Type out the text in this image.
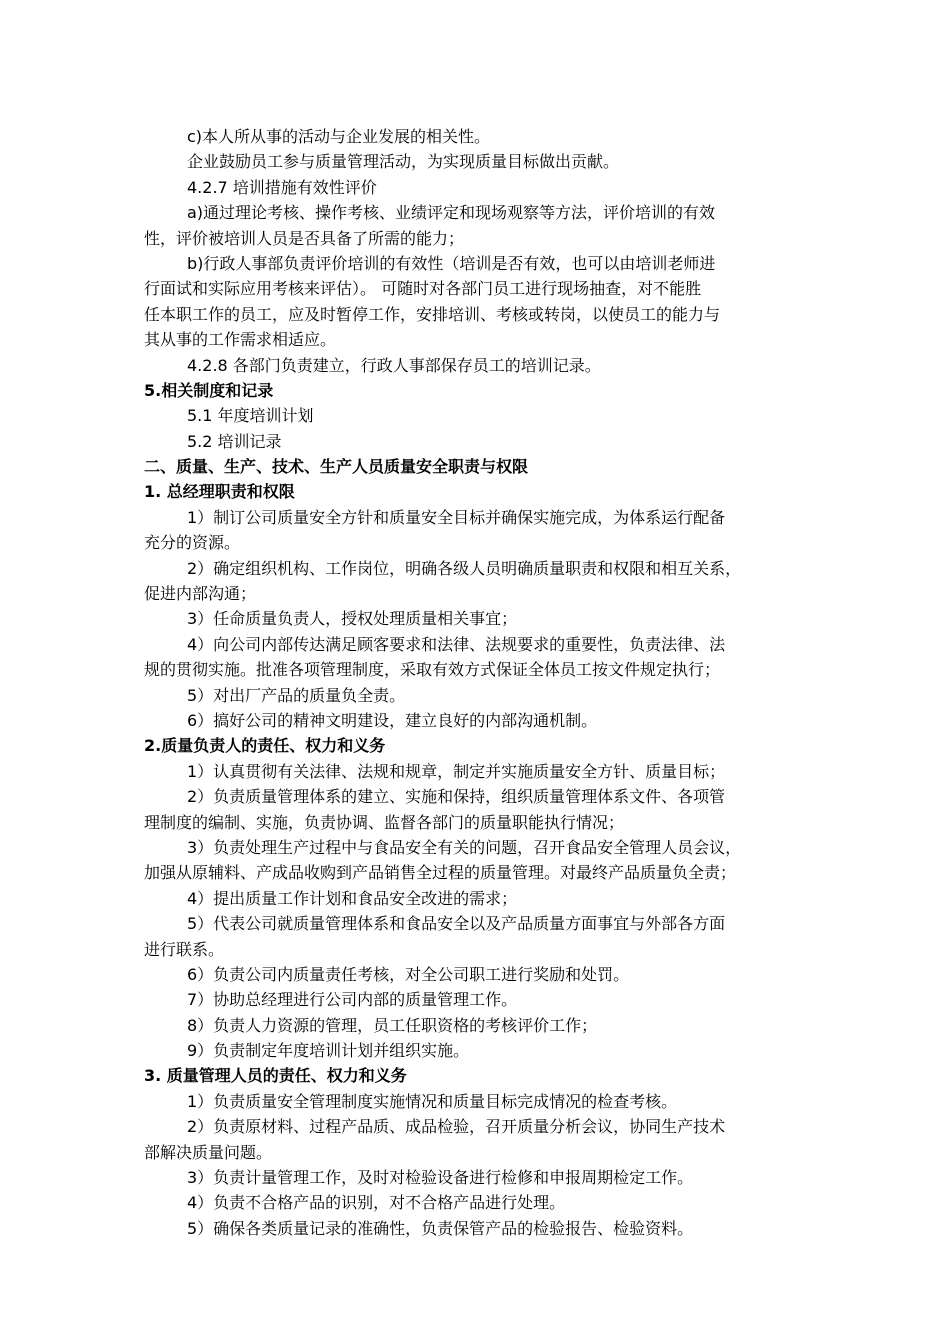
c)本人所从事的活动与企业发展的相关性。
企业鼓励员工参与质量管理活动，为实现质量目标做出贡献。
4.2.7 培训措施有效性评价
a)通过理论考核、操作考核、业绩评定和现场观察等方法，评价培训的有效
性，评价被培训人员是否具备了所需的能力；
b)行政人事部负责评价培训的有效性（培训是否有效，也可以由培训老师进
行面试和实际应用考核来评估）。 可随时对各部门员工进行现场抽查，对不能胜
任本职工作的员工，应及时暂停工作，安排培训、考核或转岗，以使员工的能力与
其从事的工作需求相适应。
4.2.8 各部门负责建立，行政人事部保存员工的培训记录。
5.相关制度和记录
5.1 年度培训计划
5.2 培训记录
二、质量、生产、技术、生产人员质量安全职责与权限
1. 总经理职责和权限
1）制订公司质量安全方针和质量安全目标并确保实施完成，为体系运行配备
充分的资源。
2）确定组织机构、工作岗位，明确各级人员明确质量职责和权限和相互关系，
促进内部沟通；
3）任命质量负责人，授权处理质量相关事宜；
4）向公司内部传达满足顾客要求和法律、法规要求的重要性，负责法律、法
规的贯彻实施。批准各项管理制度，采取有效方式保证全体员工按文件规定执行；
5）对出厂产品的质量负全责。
6）搞好公司的精神文明建设，建立良好的内部沟通机制。
2.质量负责人的责任、权力和义务
1）认真贯彻有关法律、法规和规章，制定并实施质量安全方针、质量目标；
2）负责质量管理体系的建立、实施和保持，组织质量管理体系文件、各项管
理制度的编制、实施，负责协调、监督各部门的质量职能执行情况；
3）负责处理生产过程中与食品安全有关的问题，召开食品安全管理人员会议，
加强从原辅料、产成品收购到产品销售全过程的质量管理。对最终产品质量负全责；
4）提出质量工作计划和食品安全改进的需求；
5）代表公司就质量管理体系和食品安全以及产品质量方面事宜与外部各方面
进行联系。
6）负责公司内质量责任考核，对全公司职工进行奖励和处罚。
7）协助总经理进行公司内部的质量管理工作。
8）负责人力资源的管理，员工任职资格的考核评价工作；
9）负责制定年度培训计划并组织实施。
3. 质量管理人员的责任、权力和义务
1）负责质量安全管理制度实施情况和质量目标完成情况的检查考核。
2）负责原材料、过程产品质、成品检验，召开质量分析会议，协同生产技术
部解决质量问题。
3）负责计量管理工作，及时对检验设备进行检修和申报周期检定工作。
4）负责不合格产品的识别，对不合格产品进行处理。
5）确保各类质量记录的准确性，负责保管产品的检验报告、检验资料。
